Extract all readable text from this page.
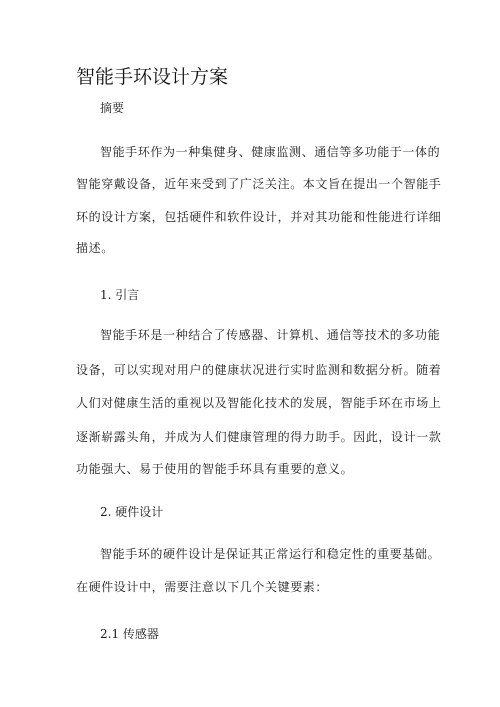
智能手环设计方案

摘要

智能手环作为一种集健身、健康监测、通信等多功能于一体的

智能穿戴设备，近年来受到了广泛关注。本文旨在提出一个智能手

环的设计方案，包括硬件和软件设计，并对其功能和性能进行详细

描述。

1. 引言

智能手环是一种结合了传感器、计算机、通信等技术的多功能

设备，可以实现对用户的健康状况进行实时监测和数据分析。随着

人们对健康生活的重视以及智能化技术的发展，智能手环在市场上

逐渐崭露头角，并成为人们健康管理的得力助手。因此，设计一款

功能强大、易于使用的智能手环具有重要的意义。

2. 硬件设计

智能手环的硬件设计是保证其正常运行和稳定性的重要基础。

在硬件设计中，需要注意以下几个关键要素：

2.1 传感器
